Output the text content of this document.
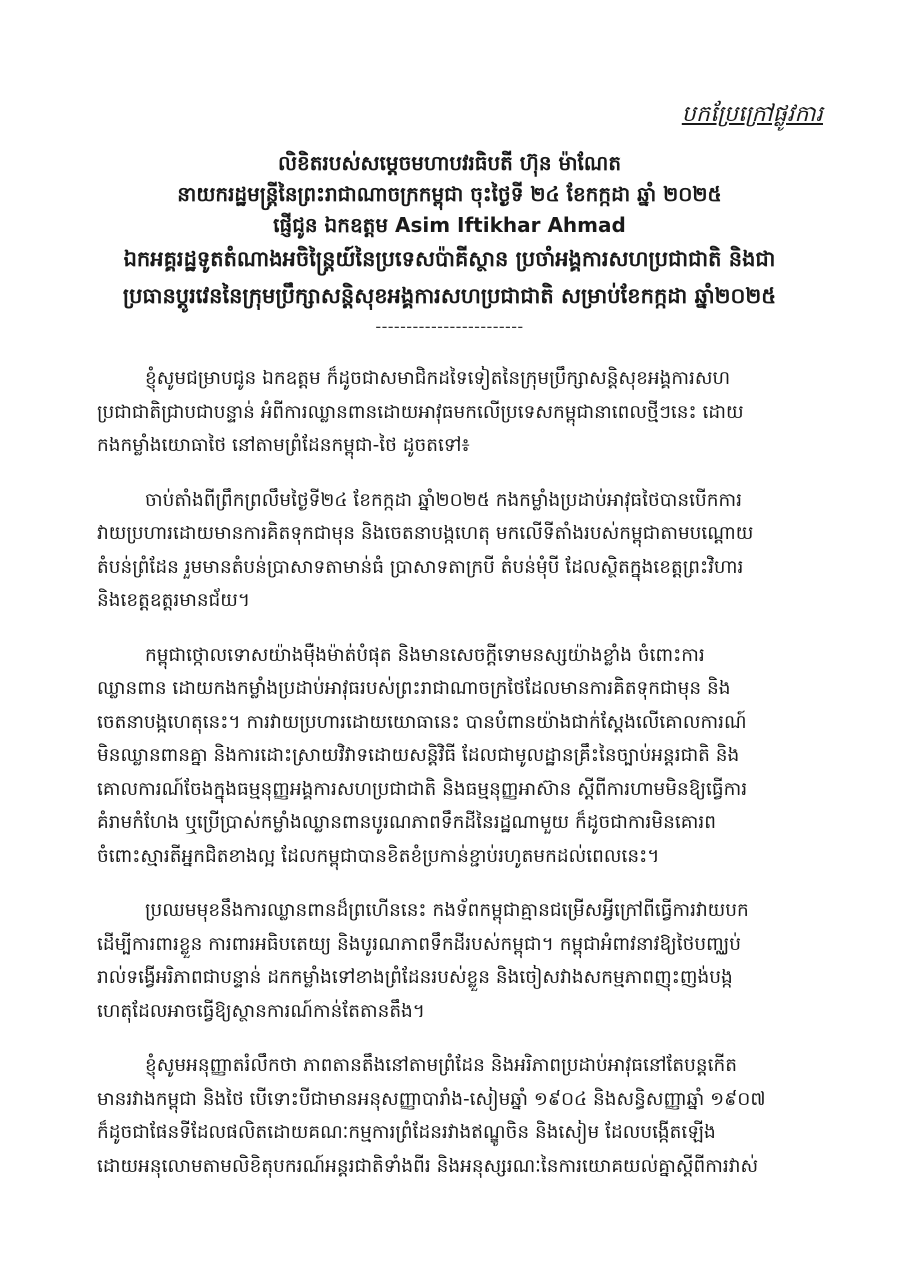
បកប្រែក្រៅផ្លូវការ
លិខិតរបស់សម្តេចមហាបវរធិបតី ហ៊ុន ម៉ាណែត
នាយករដ្ឋមន្ត្រីនៃព្រះរាជាណាចក្រកម្ពុជា ចុះថ្ងៃទី ២៤ ខែកក្កដា ឆ្នាំ ២០២៥
ផ្ញើជូន ឯកឧត្តម Asim Iftikhar Ahmad
ឯកអគ្គរដ្ឋទូតតំណាងអចិន្ត្រៃយ៍នៃប្រទេសប៉ាគីស្ថាន ប្រចាំអង្គការសហប្រជាជាតិ និងជា
ប្រធានប្តូរវេននៃក្រុមប្រឹក្សាសន្តិសុខអង្គការសហប្រជាជាតិ សម្រាប់ខែកក្កដា ឆ្នាំ២០២៥
------------------------
ខ្ញុំសូមជម្រាបជូន ឯកឧត្តម ក៏ដូចជាសមាជិកដទៃទៀតនៃក្រុមប្រឹក្សាសន្តិសុខអង្គការសហ
ប្រជាជាតិជ្រាបជាបន្ទាន់ អំពីការឈ្លានពានដោយអាវុធមកលើប្រទេសកម្ពុជានាពេលថ្មីៗនេះ ដោយ
កងកម្លាំងយោធាថៃ នៅតាមព្រំដែនកម្ពុជា-ថៃ ដូចតទៅ៖
ចាប់តាំងពីព្រឹកព្រលឹមថ្ងៃទី២៤ ខែកក្កដា ឆ្នាំ២០២៥ កងកម្លាំងប្រដាប់អាវុធថៃបានបើកការ
វាយប្រហារដោយមានការគិតទុកជាមុន និងចេតនាបង្កហេតុ មកលើទីតាំងរបស់កម្ពុជាតាមបណ្តោយ
តំបន់ព្រំដែន រួមមានតំបន់ប្រាសាទតាមាន់ធំ ប្រាសាទតាក្របី តំបន់មុំបី ដែលស្ថិតក្នុងខេត្តព្រះវិហារ
និងខេត្តឧត្តរមានជ័យ។
កម្ពុជាថ្កោលទោសយ៉ាងម៉ឺងម៉ាត់បំផុត និងមានសេចក្តីទោមនស្សយ៉ាងខ្លាំង ចំពោះការ
ឈ្លានពាន ដោយកងកម្លាំងប្រដាប់អាវុធរបស់ព្រះរាជាណាចក្រថៃដែលមានការគិតទុកជាមុន និង
ចេតនាបង្កហេតុនេះ។ ការវាយប្រហារដោយយោធានេះ បានបំពានយ៉ាងជាក់ស្តែងលើគោលការណ៍
មិនឈ្លានពានគ្នា និងការដោះស្រាយវិវាទដោយសន្តិវិធី ដែលជាមូលដ្ឋានគ្រឹះនៃច្បាប់អន្តរជាតិ និង
គោលការណ៍ចែងក្នុងធម្មនុញ្ញអង្គការសហប្រជាជាតិ និងធម្មនុញ្ញអាស៊ាន ស្តីពីការហាមមិនឱ្យធ្វើការ
គំរាមកំហែង ឬប្រើប្រាស់កម្លាំងឈ្លានពានបូរណភាពទឹកដីនៃរដ្ឋណាមួយ ក៏ដូចជាការមិនគោរព
ចំពោះស្មារតីអ្នកជិតខាងល្អ ដែលកម្ពុជាបានខិតខំប្រកាន់ខ្ជាប់រហូតមកដល់ពេលនេះ។
ប្រឈមមុខនឹងការឈ្លានពានដ៏ព្រហើននេះ កងទ័ពកម្ពុជាគ្មានជម្រើសអ្វីក្រៅពីធ្វើការវាយបក
ដើម្បីការពារខ្លួន ការពារអធិបតេយ្យ និងបូរណភាពទឹកដីរបស់កម្ពុជា។ កម្ពុជាអំពាវនាវឱ្យថៃបញ្ឈប់
រាល់ទង្វើអរិភាពជាបន្ទាន់ ដកកម្លាំងទៅខាងព្រំដែនរបស់ខ្លួន និងចៀសវាងសកម្មភាពញុះញង់បង្ក
ហេតុដែលអាចធ្វើឱ្យស្ថានការណ៍កាន់តែតានតឹង។
ខ្ញុំសូមអនុញ្ញាតរំលឹកថា ភាពតានតឹងនៅតាមព្រំដែន និងអរិភាពប្រដាប់អាវុធនៅតែបន្តកើត
មានរវាងកម្ពុជា និងថៃ បើទោះបីជាមានអនុសញ្ញាបារាំង-សៀមឆ្នាំ ១៩០៤ និងសន្ធិសញ្ញាឆ្នាំ ១៩០៧
ក៏ដូចជាផែនទីដែលផលិតដោយគណៈកម្មការព្រំដែនរវាងឥណ្ឌូចិន និងសៀម ដែលបង្កើតឡើង
ដោយអនុលោមតាមលិខិតុបករណ៍អន្តរជាតិទាំងពីរ និងអនុស្សរណៈនៃការយោគយល់គ្នាស្តីពីការវាស់
